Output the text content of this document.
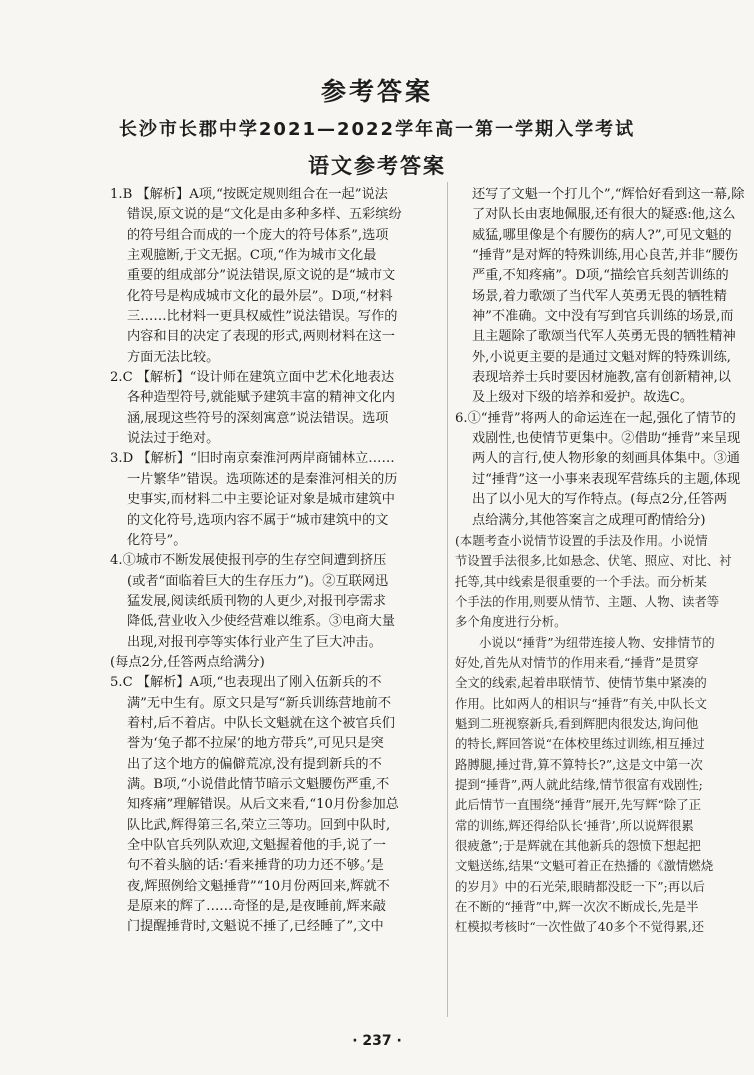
参考答案
长沙市长郡中学2021—2022学年高一第一学期入学考试
语文参考答案
1.B 【解析】A项,“按既定规则组合在一起”说法
错误,原文说的是“文化是由多种多样、五彩缤纷
的符号组合而成的一个庞大的符号体系”,选项
主观臆断,于文无据。C项,“作为城市文化最
重要的组成部分”说法错误,原文说的是“城市文
化符号是构成城市文化的最外层”。D项,“材料
三……比材料一更具权威性”说法错误。写作的
内容和目的决定了表现的形式,两则材料在这一
方面无法比较。
2.C 【解析】“设计师在建筑立面中艺术化地表达
各种造型符号,就能赋予建筑丰富的精神文化内
涵,展现这些符号的深刻寓意”说法错误。选项
说法过于绝对。
3.D 【解析】“旧时南京秦淮河两岸商铺林立……
一片繁华”错误。选项陈述的是秦淮河相关的历
史事实,而材料二中主要论证对象是城市建筑中
的文化符号,选项内容不属于“城市建筑中的文
化符号”。
4.①城市不断发展使报刊亭的生存空间遭到挤压
(或者“面临着巨大的生存压力”)。②互联网迅
猛发展,阅读纸质刊物的人更少,对报刊亭需求
降低,营业收入少使经营难以维系。③电商大量
出现,对报刊亭等实体行业产生了巨大冲击。
(每点2分,任答两点给满分)
5.C 【解析】A项,“也表现出了刚入伍新兵的不
满”无中生有。原文只是写“新兵训练营地前不
着村,后不着店。中队长文魁就在这个被官兵们
誉为‘兔子都不拉屎’的地方带兵”,可见只是突
出了这个地方的偏僻荒凉,没有提到新兵的不
满。B项,“小说借此情节暗示文魁腰伤严重,不
知疼痛”理解错误。从后文来看,“10月份参加总
队比武,辉得第三名,荣立三等功。回到中队时,
全中队官兵列队欢迎,文魁握着他的手,说了一
句不着头脑的话:‘看来捶背的功力还不够。’是
夜,辉照例给文魁捶背”“10月份两回来,辉就不
是原来的辉了……奇怪的是,是夜睡前,辉来敲
门提醒捶背时,文魁说不捶了,已经睡了”,文中
还写了文魁一个打儿个”,“辉恰好看到这一幕,除
了对队长由衷地佩服,还有很大的疑惑:他,这么
威猛,哪里像是个有腰伤的病人?”,可见文魁的
“捶背”是对辉的特殊训练,用心良苦,并非“腰伤
严重,不知疼痛”。D项,“描绘官兵刻苦训练的
场景,着力歌颂了当代军人英勇无畏的牺牲精
神”不准确。文中没有写到官兵训练的场景,而
且主题除了歌颂当代军人英勇无畏的牺牲精神
外,小说更主要的是通过文魁对辉的特殊训练,
表现培养士兵时要因材施教,富有创新精神,以
及上级对下级的培养和爱护。故选C。
6.①“捶背”将两人的命运连在一起,强化了情节的
戏剧性,也使情节更集中。②借助“捶背”来呈现
两人的言行,使人物形象的刻画具体集中。③通
过“捶背”这一小事来表现军营练兵的主题,体现
出了以小见大的写作特点。(每点2分,任答两
点给满分,其他答案言之成理可酌情给分)
(本题考查小说情节设置的手法及作用。小说情
节设置手法很多,比如悬念、伏笔、照应、对比、衬
托等,其中线索是很重要的一个手法。而分析某
个手法的作用,则要从情节、主题、人物、读者等
多个角度进行分析。
小说以“捶背”为纽带连接人物、安排情节的
好处,首先从对情节的作用来看,“捶背”是贯穿
全文的线索,起着串联情节、使情节集中紧凑的
作用。比如两人的相识与“捶背”有关,中队长文
魁到二班视察新兵,看到辉肥肉很发达,询问他
的特长,辉回答说“在体校里练过训练,相互捶过
路膊腿,捶过背,算不算特长?”,这是文中第一次
提到“捶背”,两人就此结缘,情节很富有戏剧性;
此后情节一直围绕“捶背”展开,先写辉“除了正
常的训练,辉还得给队长‘捶背’,所以说辉很累
很疲惫”;于是辉就在其他新兵的怨愤下想起把
文魁送练,结果“文魁可着正在热播的《激情燃烧
的岁月》中的石光荣,眼睛都没眨一下”;再以后
在不断的“捶背”中,辉一次次不断成长,先是半
杠模拟考核时“一次性做了40多个不觉得累,还
· 237 ·
